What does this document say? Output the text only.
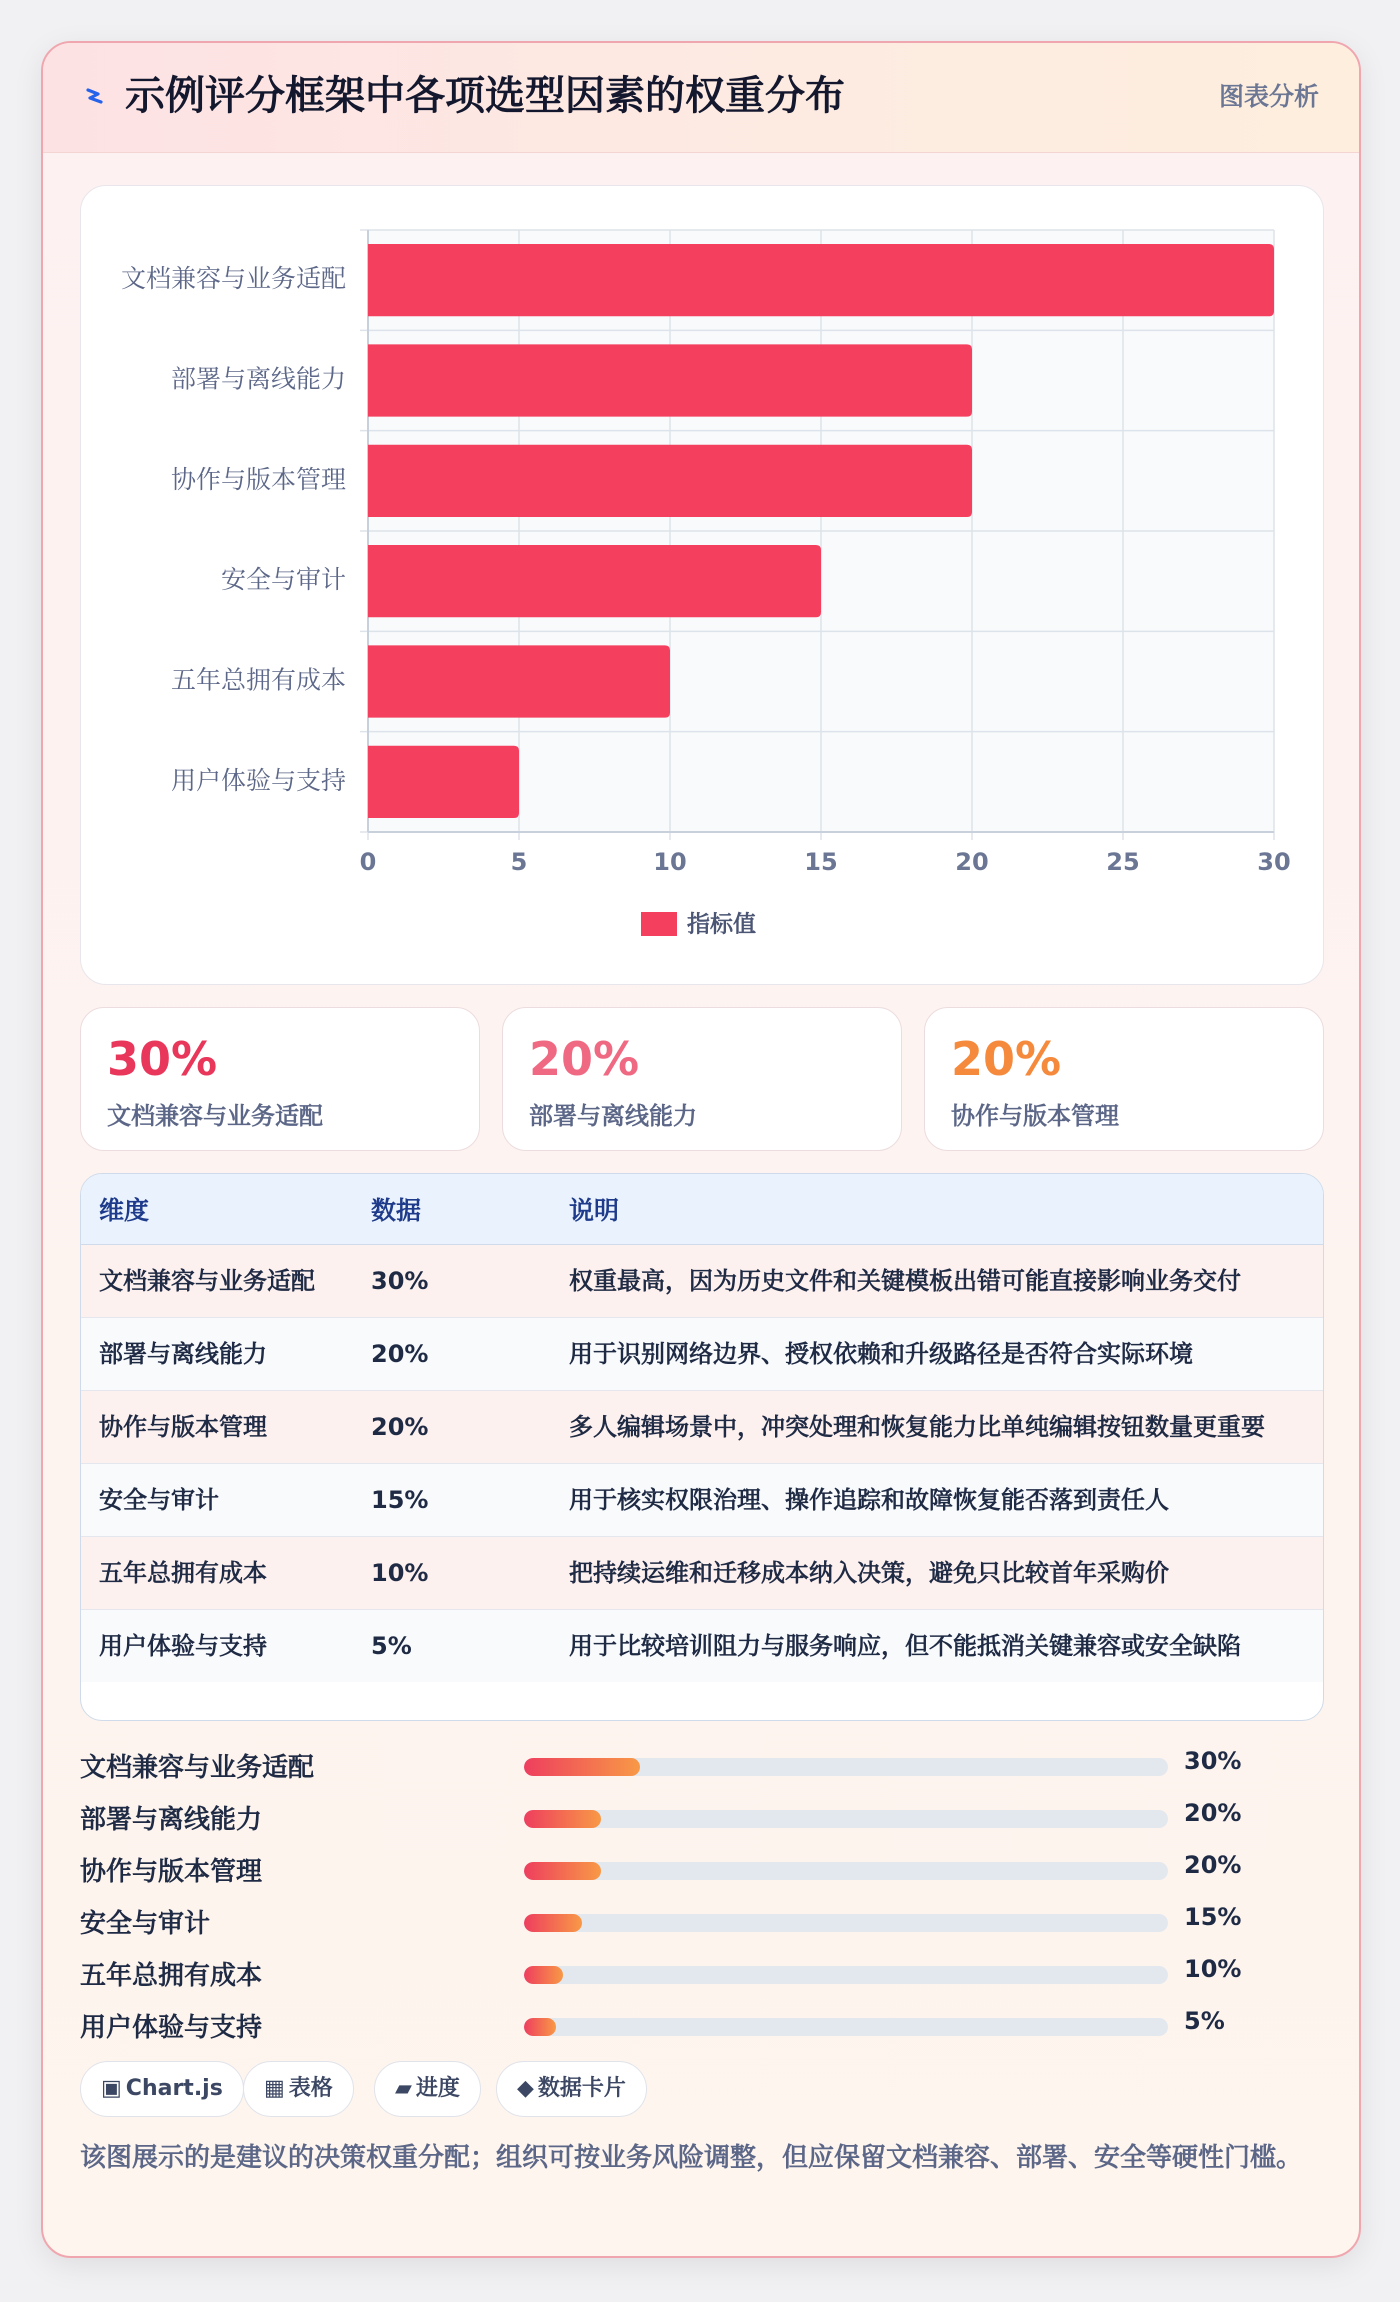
示例评分框架中各项选型因素的权重分布	图表分析
文档兼容与业务适配
部署与离线能力
协作与版本管理
安全与审计
五年总拥有成本
用户体验与支持
0	5	10	15	20	25	30
指标值
30%
文档兼容与业务适配
20%
部署与离线能力
20%
协作与版本管理
维度	数据	说明
文档兼容与业务适配	30%	权重最高，因为历史文件和关键模板出错可能直接影响业务交付
部署与离线能力	20%	用于识别网络边界、授权依赖和升级路径是否符合实际环境
协作与版本管理	20%	多人编辑场景中，冲突处理和恢复能力比单纯编辑按钮数量更重要
安全与审计	15%	用于核实权限治理、操作追踪和故障恢复能否落到责任人
五年总拥有成本	10%	把持续运维和迁移成本纳入决策，避免只比较首年采购价
用户体验与支持	5%	用于比较培训阻力与服务响应，但不能抵消关键兼容或安全缺陷
文档兼容与业务适配	30%
部署与离线能力	20%
协作与版本管理	20%
安全与审计	15%
五年总拥有成本	10%
用户体验与支持	5%
▣ Chart.js	▦ 表格	▰ 进度	◆ 数据卡片
该图展示的是建议的决策权重分配；组织可按业务风险调整，但应保留文档兼容、部署、安全等硬性门槛。
